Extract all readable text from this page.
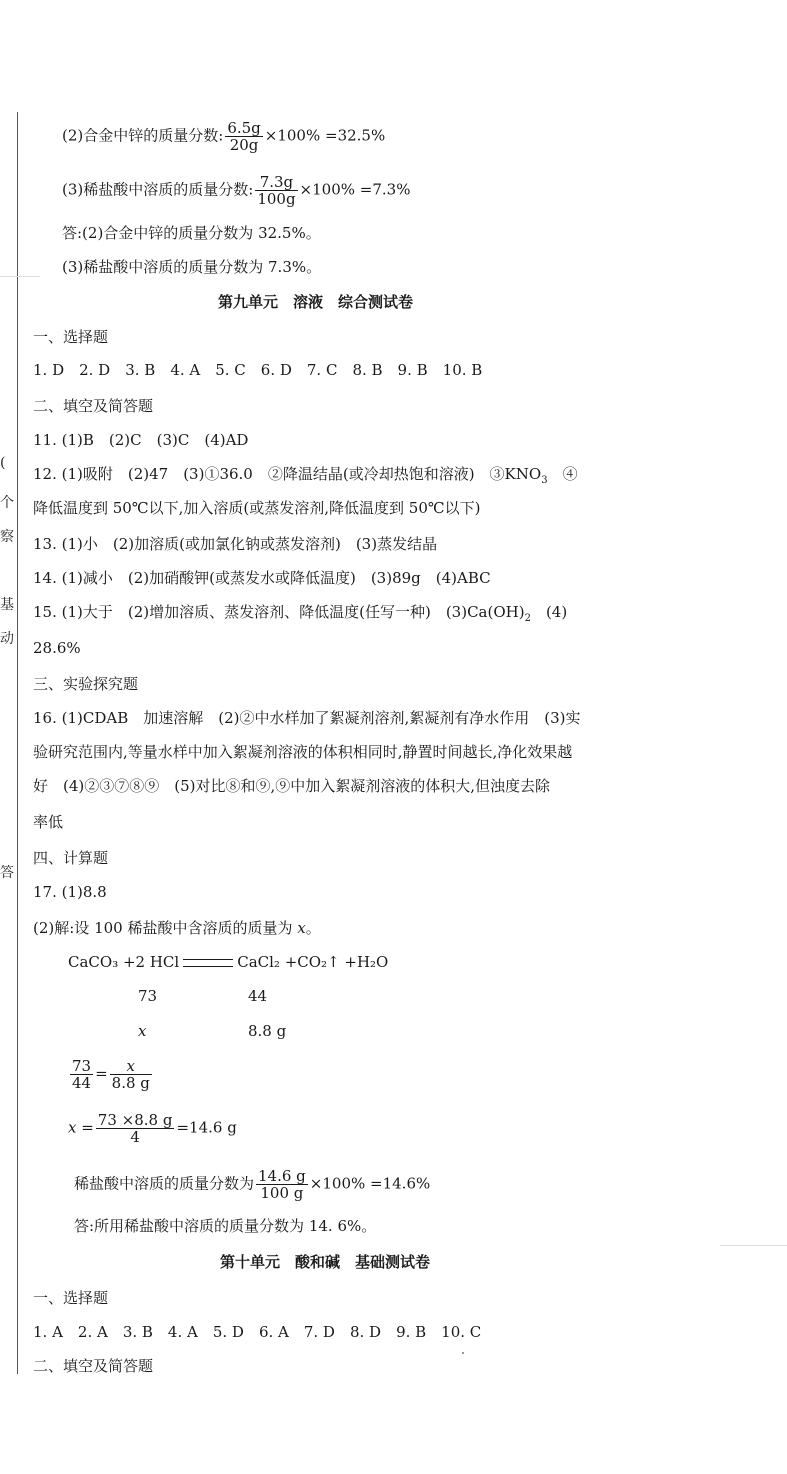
(
个
察
基
动
答
(2)合金中锌的质量分数: $\frac{6.5g}{20g} \times 100\% =32.5\%$
(3)稀盐酸中溶质的质量分数: $\frac{7.3g}{100g} \times 100\% =7.3\%$
答:(2)合金中锌的质量分数为 32.5%。
(3)稀盐酸中溶质的质量分数为 7.3%。
第九单元　溶液　综合测试卷
一、选择题
1. D　2. D　3. B　4. A　5. C　6. D　7. C　8. B　9. B　10. B
二、填空及简答题
11. (1)B　(2)C　(3)C　(4)AD
12. (1)吸附　(2)47　(3)①36.0　②降温结晶(或冷却热饱和溶液)　$③KNO_3$　④
降低温度到 50℃以下,加入溶质(或蒸发溶剂,降低温度到 50℃以下)
13. (1)小　(2)加溶质(或加氯化钠或蒸发溶剂)　(3)蒸发结晶
14. (1)减小　(2)加硝酸钾(或蒸发水或降低温度)　(3)89g　(4)ABC
15. (1)大于　(2)增加溶质、蒸发溶剂、降低温度(任写一种)　$(3)Ca(OH)_2$　(4)
28.6%
三、实验探究题
16. (1)CDAB　加速溶解　(2)②中水样加了絮凝剂溶剂,絮凝剂有净水作用　(3)实
验研究范围内,等量水样中加入絮凝剂溶液的体积相同时,静置时间越长,净化效果越
好　(4)②③⑦⑧⑨　(5)对比⑧和⑨,⑨中加入絮凝剂溶液的体积大,但浊度去除
率低
四、计算题
17. (1)8.8
(2)解:设 100 稀盐酸中含溶质的质量为 x。
CaCO₃ +2 HCl	CaCl₂ +CO₂↑ +H₂O
73	44
x	8.8 g
$\frac{73}{44} = \frac{x}{8.8 g}$
$x = \frac{73 \times 8.8 g}{4} =14.6$ g
稀盐酸中溶质的质量分数为 $\frac{14.6 g}{100 g} \times 100\% =14.6\%$
答:所用稀盐酸中溶质的质量分数为 14. 6%。
第十单元　酸和碱　基础测试卷
一、选择题
1. A　2. A　3. B　4. A　5. D　6. A　7. D　8. D　9. B　10. C
二、填空及简答题
